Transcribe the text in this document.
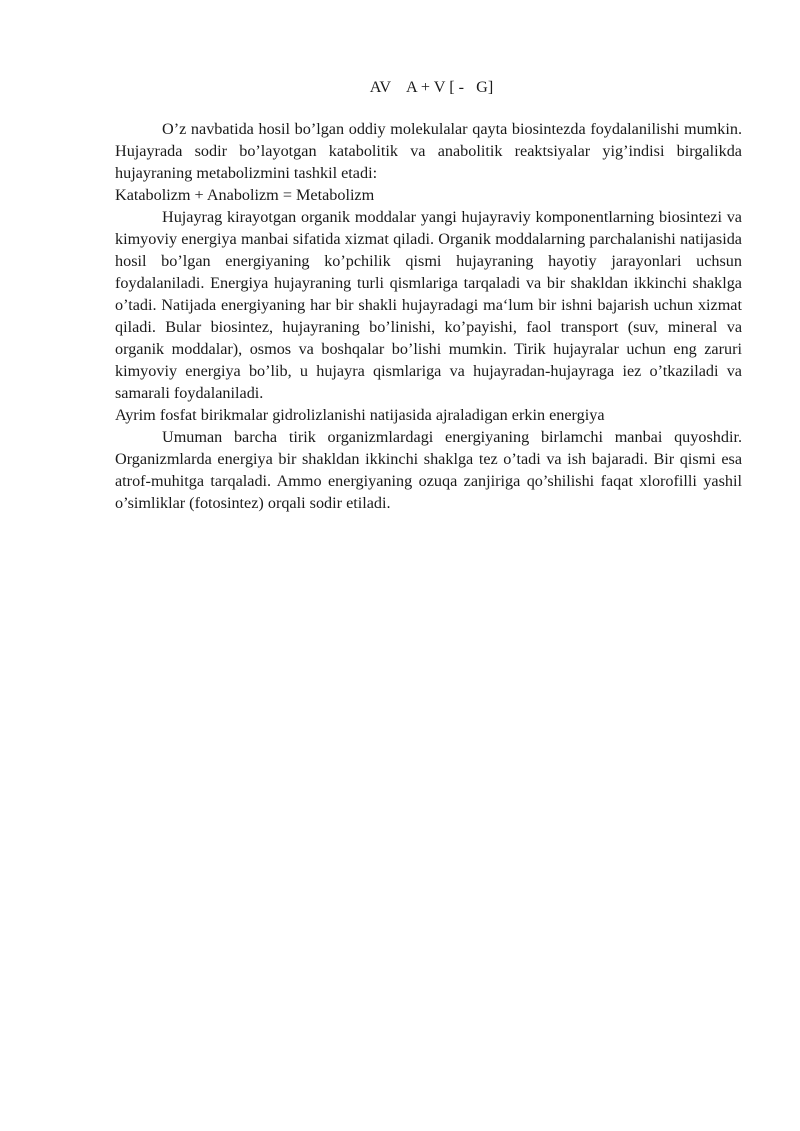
AV    A + V [ -   G]

O’z navbatida hosil bo’lgan oddiy molekulalar qayta biosintezda foydalanilishi mumkin. Hujayrada sodir bo’layotgan katabolitik va anabolitik reaktsiyalar yig’indisi birgalikda hujayraning metabolizmini tashkil etadi:

Katabolizm + Anabolizm = Metabolizm

Hujayrag kirayotgan organik moddalar yangi hujayraviy komponentlarning biosintezi va kimyoviy energiya manbai sifatida xizmat qiladi. Organik moddalarning parchalanishi natijasida hosil bo’lgan energiyaning ko’pchilik qismi hujayraning hayotiy jarayonlari uchsun foydalaniladi. Energiya hujayraning turli qismlariga tarqaladi va bir shakldan ikkinchi shaklga o’tadi. Natijada energiyaning har bir shakli hujayradagi ma‘lum bir ishni bajarish uchun xizmat qiladi. Bular biosintez, hujayraning bo’linishi, ko’payishi, faol transport (suv, mineral va organik moddalar), osmos va boshqalar bo’lishi mumkin. Tirik hujayralar uchun eng zaruri kimyoviy energiya bo’lib, u hujayra qismlariga va hujayradan-hujayraga iez o’tkaziladi va samarali foydalaniladi.

Ayrim fosfat birikmalar gidrolizlanishi natijasida ajraladigan erkin energiya

Umuman barcha tirik organizmlardagi energiyaning birlamchi manbai quyoshdir. Organizmlarda energiya bir shakldan ikkinchi shaklga tez o’tadi va ish bajaradi. Bir qismi esa atrof-muhitga tarqaladi. Ammo energiyaning ozuqa zanjiriga qo’shilishi faqat xlorofilli yashil o’simliklar (fotosintez) orqali sodir etiladi.
